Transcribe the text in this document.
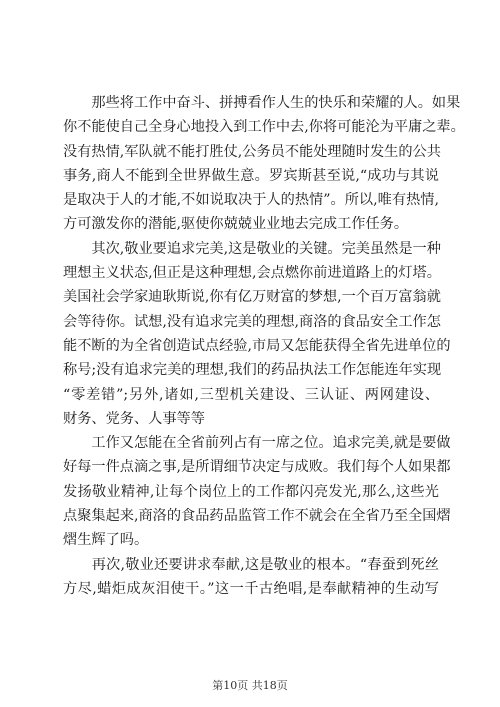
　　那些将工作中奋斗、拼搏看作人生的快乐和荣耀的人。如果
你不能使自己全身心地投入到工作中去,你将可能沦为平庸之辈。
没有热情,军队就不能打胜仗,公务员不能处理随时发生的公共
事务,商人不能到全世界做生意。罗宾斯甚至说,“成功与其说
是取决于人的才能,不如说取决于人的热情”。所以,唯有热情,
方可激发你的潜能,驱使你兢兢业业地去完成工作任务。
　　其次,敬业要追求完美,这是敬业的关键。完美虽然是一种
理想主义状态,但正是这种理想,会点燃你前进道路上的灯塔。
美国社会学家迪耿斯说,你有亿万财富的梦想,一个百万富翁就
会等待你。试想,没有追求完美的理想,商洛的食品安全工作怎
能不断的为全省创造试点经验,市局又怎能获得全省先进单位的
称号;没有追求完美的理想,我们的药品执法工作怎能连年实现
“零差错”;另外,诸如,三型机关建设、三认证、两网建设、
财务、党务、人事等等
　　工作又怎能在全省前列占有一席之位。追求完美,就是要做
好每一件点滴之事,是所谓细节决定与成败。我们每个人如果都
发扬敬业精神,让每个岗位上的工作都闪亮发光,那么,这些光
点聚集起来,商洛的食品药品监管工作不就会在全省乃至全国熠
熠生辉了吗。
　　再次,敬业还要讲求奉献,这是敬业的根本。“春蚕到死丝
方尽,蜡炬成灰泪使干。”这一千古绝唱,是奉献精神的生动写
第10页 共18页
